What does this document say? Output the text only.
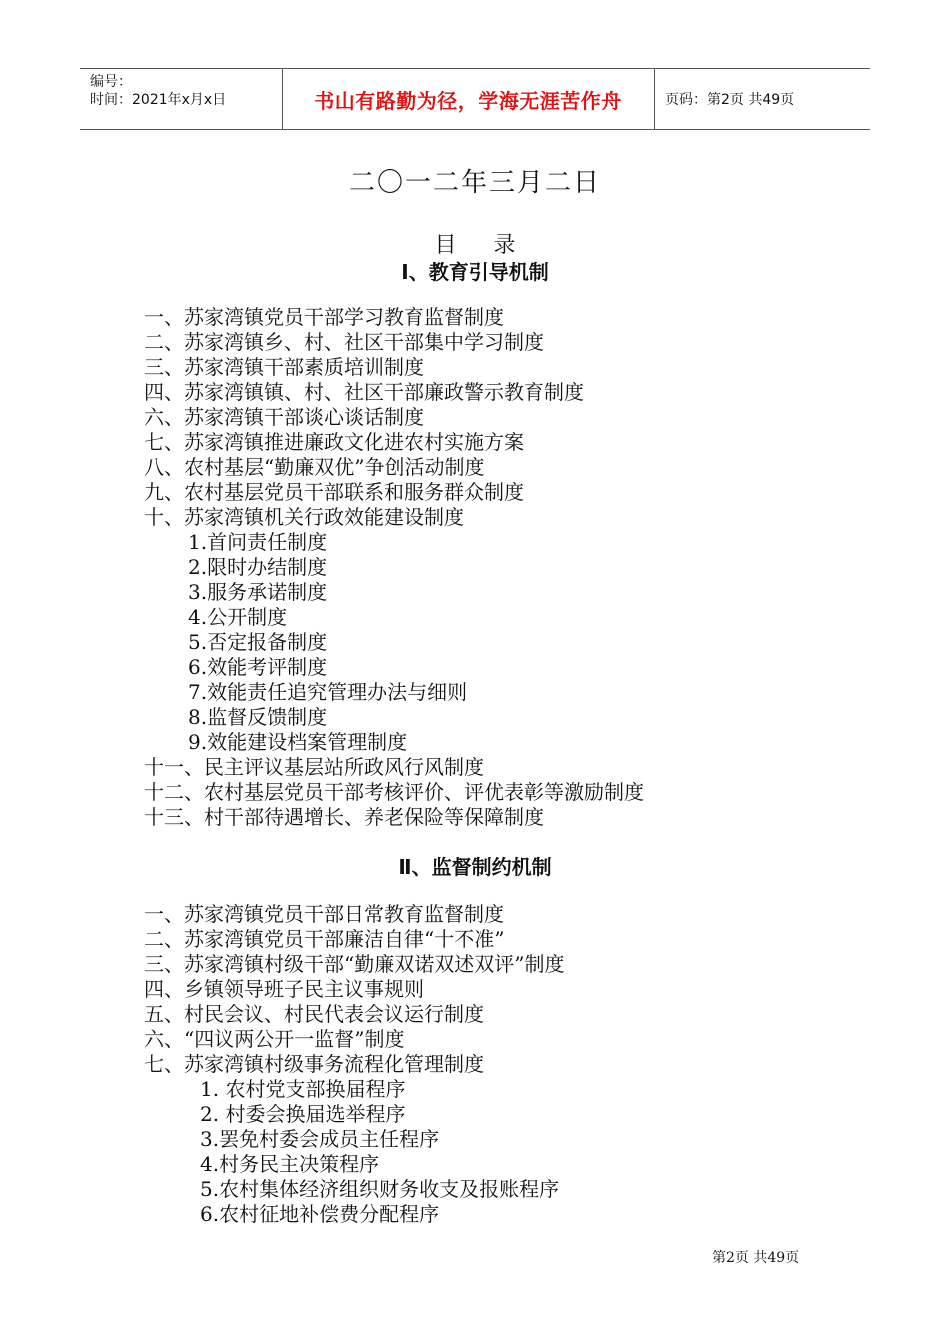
编号：
时间：2021年x月x日	书山有路勤为径，学海无涯苦作舟	页码：第2页 共49页
二〇一二年三月二日
目 录
Ⅰ、教育引导机制
一、苏家湾镇党员干部学习教育监督制度
二、苏家湾镇乡、村、社区干部集中学习制度
三、苏家湾镇干部素质培训制度
四、苏家湾镇镇、村、社区干部廉政警示教育制度
六、苏家湾镇干部谈心谈话制度
七、苏家湾镇推进廉政文化进农村实施方案
八、农村基层“勤廉双优”争创活动制度
九、农村基层党员干部联系和服务群众制度
十、苏家湾镇机关行政效能建设制度
1.首问责任制度
2.限时办结制度
3.服务承诺制度
4.公开制度
5.否定报备制度
6.效能考评制度
7.效能责任追究管理办法与细则
8.监督反馈制度
9.效能建设档案管理制度
十一、民主评议基层站所政风行风制度
十二、农村基层党员干部考核评价、评优表彰等激励制度
十三、村干部待遇增长、养老保险等保障制度
Ⅱ、监督制约机制
一、苏家湾镇党员干部日常教育监督制度
二、苏家湾镇党员干部廉洁自律“十不准”
三、苏家湾镇村级干部“勤廉双诺双述双评”制度
四、乡镇领导班子民主议事规则
五、村民会议、村民代表会议运行制度
六、“四议两公开一监督”制度
七、苏家湾镇村级事务流程化管理制度
1. 农村党支部换届程序
2. 村委会换届选举程序
3.罢免村委会成员主任程序
4.村务民主决策程序
5.农村集体经济组织财务收支及报账程序
6.农村征地补偿费分配程序
第2页 共49页
